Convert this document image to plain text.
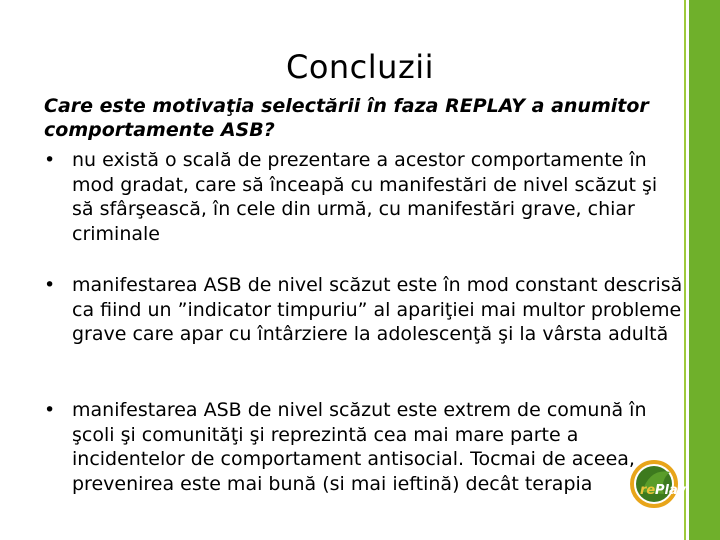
Concluzii
Care este motivaţia selectării în faza REPLAY a anumitor comportamente ASB?
• nu există o scală de prezentare a acestor comportamente în mod gradat, care să înceapă cu manifestări de nivel scăzut şi să sfârşească, în cele din urmă, cu manifestări grave, chiar criminale
• manifestarea ASB de nivel scăzut este în mod constant descrisă ca fiind un ”indicator timpuriu” al apariţiei mai multor probleme grave care apar cu întârziere la adolescenţă şi la vârsta adultă
• manifestarea ASB de nivel scăzut este extrem de comună în şcoli şi comunităţi şi reprezintă cea mai mare parte a incidentelor de comportament antisocial. Tocmai de aceea, prevenirea este mai bună (si mai ieftină) decât terapia	re Play
